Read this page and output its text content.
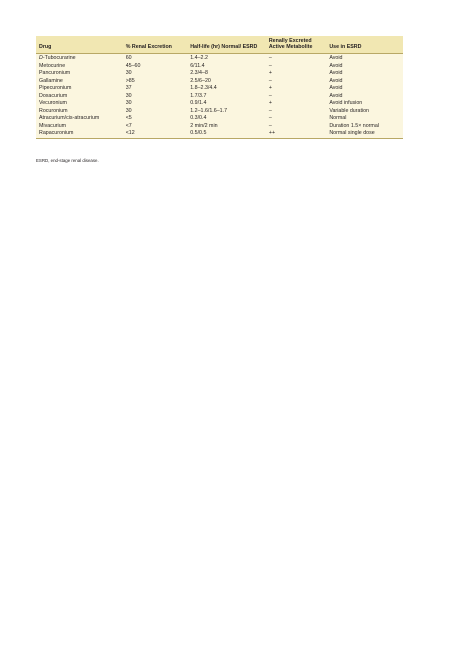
Drug	% Renal Excretion	Half-life (hr) Normal/ ESRD	Renally Excreted Active Metabolite	Use in ESRD
D-Tubocurarine	60	1.4–2.2	–	Avoid
Metocurine	45–60	6/11.4	–	Avoid
Pancuronium	30	2.3/4–8	+	Avoid
Gallamine	>85	2.5/6–20	–	Avoid
Pipecuronium	37	1.8–2.3/4.4	+	Avoid
Doxacurium	30	1.7/3.7	–	Avoid
Vecuronium	30	0.9/1.4	+	Avoid infusion
Rocuronium	30	1.2–1.6/1.6–1.7	–	Variable duration
Atracurium/cis-atracurium	<5	0.3/0.4	–	Normal
Mivacurium	<7	2 min/2 min	–	Duration 1.5× normal
Rapacuronium	<12	0.5/0.5	++	Normal single dose
ESRD, end-stage renal disease.
